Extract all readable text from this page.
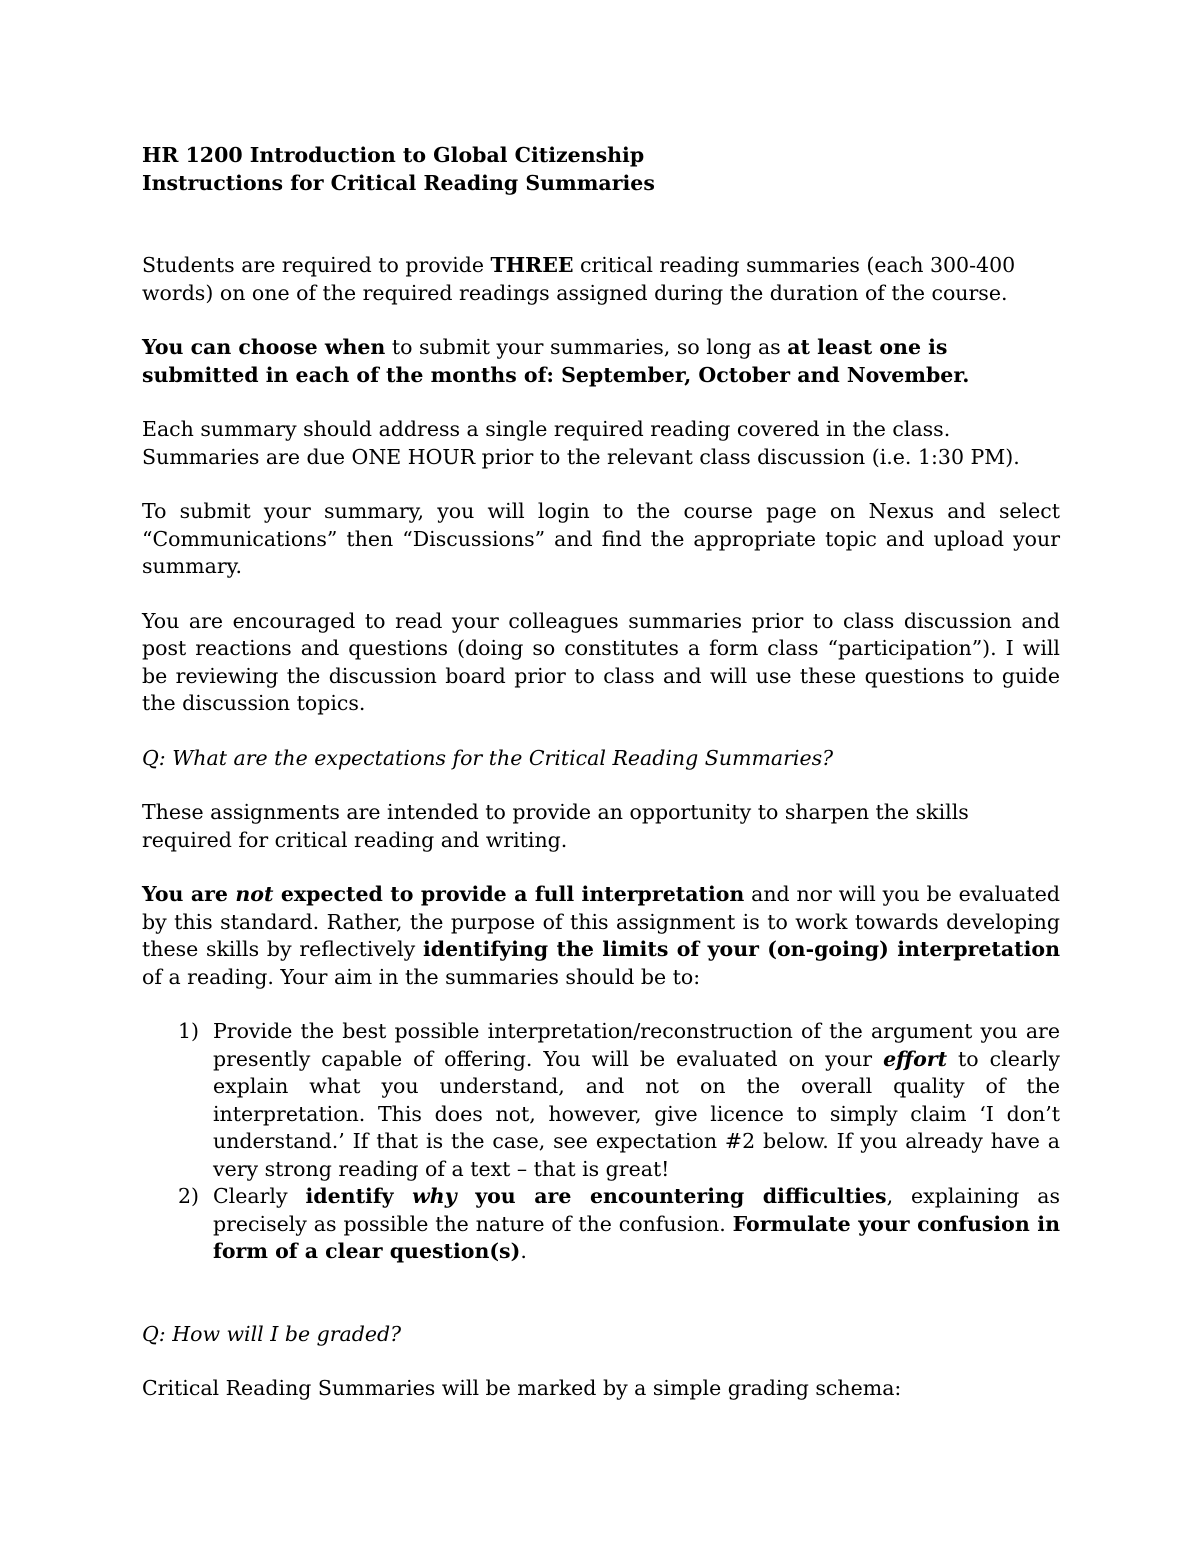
HR 1200 Introduction to Global Citizenship
Instructions for Critical Reading Summaries

Students are required to provide THREE critical reading summaries (each 300-400 words) on one of the required readings assigned during the duration of the course.

You can choose when to submit your summaries, so long as at least one is submitted in each of the months of: September, October and November.

Each summary should address a single required reading covered in the class. Summaries are due ONE HOUR prior to the relevant class discussion (i.e. 1:30 PM).

To submit your summary, you will login to the course page on Nexus and select “Communications” then “Discussions” and find the appropriate topic and upload your summary.

You are encouraged to read your colleagues summaries prior to class discussion and post reactions and questions (doing so constitutes a form class “participation”). I will be reviewing the discussion board prior to class and will use these questions to guide the discussion topics.

Q: What are the expectations for the Critical Reading Summaries?

These assignments are intended to provide an opportunity to sharpen the skills required for critical reading and writing.

You are not expected to provide a full interpretation and nor will you be evaluated by this standard. Rather, the purpose of this assignment is to work towards developing these skills by reflectively identifying the limits of your (on-going) interpretation of a reading. Your aim in the summaries should be to:

1) Provide the best possible interpretation/reconstruction of the argument you are presently capable of offering. You will be evaluated on your effort to clearly explain what you understand, and not on the overall quality of the interpretation. This does not, however, give licence to simply claim ‘I don’t understand.’ If that is the case, see expectation #2 below. If you already have a very strong reading of a text – that is great!
2) Clearly identify why you are encountering difficulties, explaining as precisely as possible the nature of the confusion. Formulate your confusion in form of a clear question(s).

Q: How will I be graded?

Critical Reading Summaries will be marked by a simple grading schema:
